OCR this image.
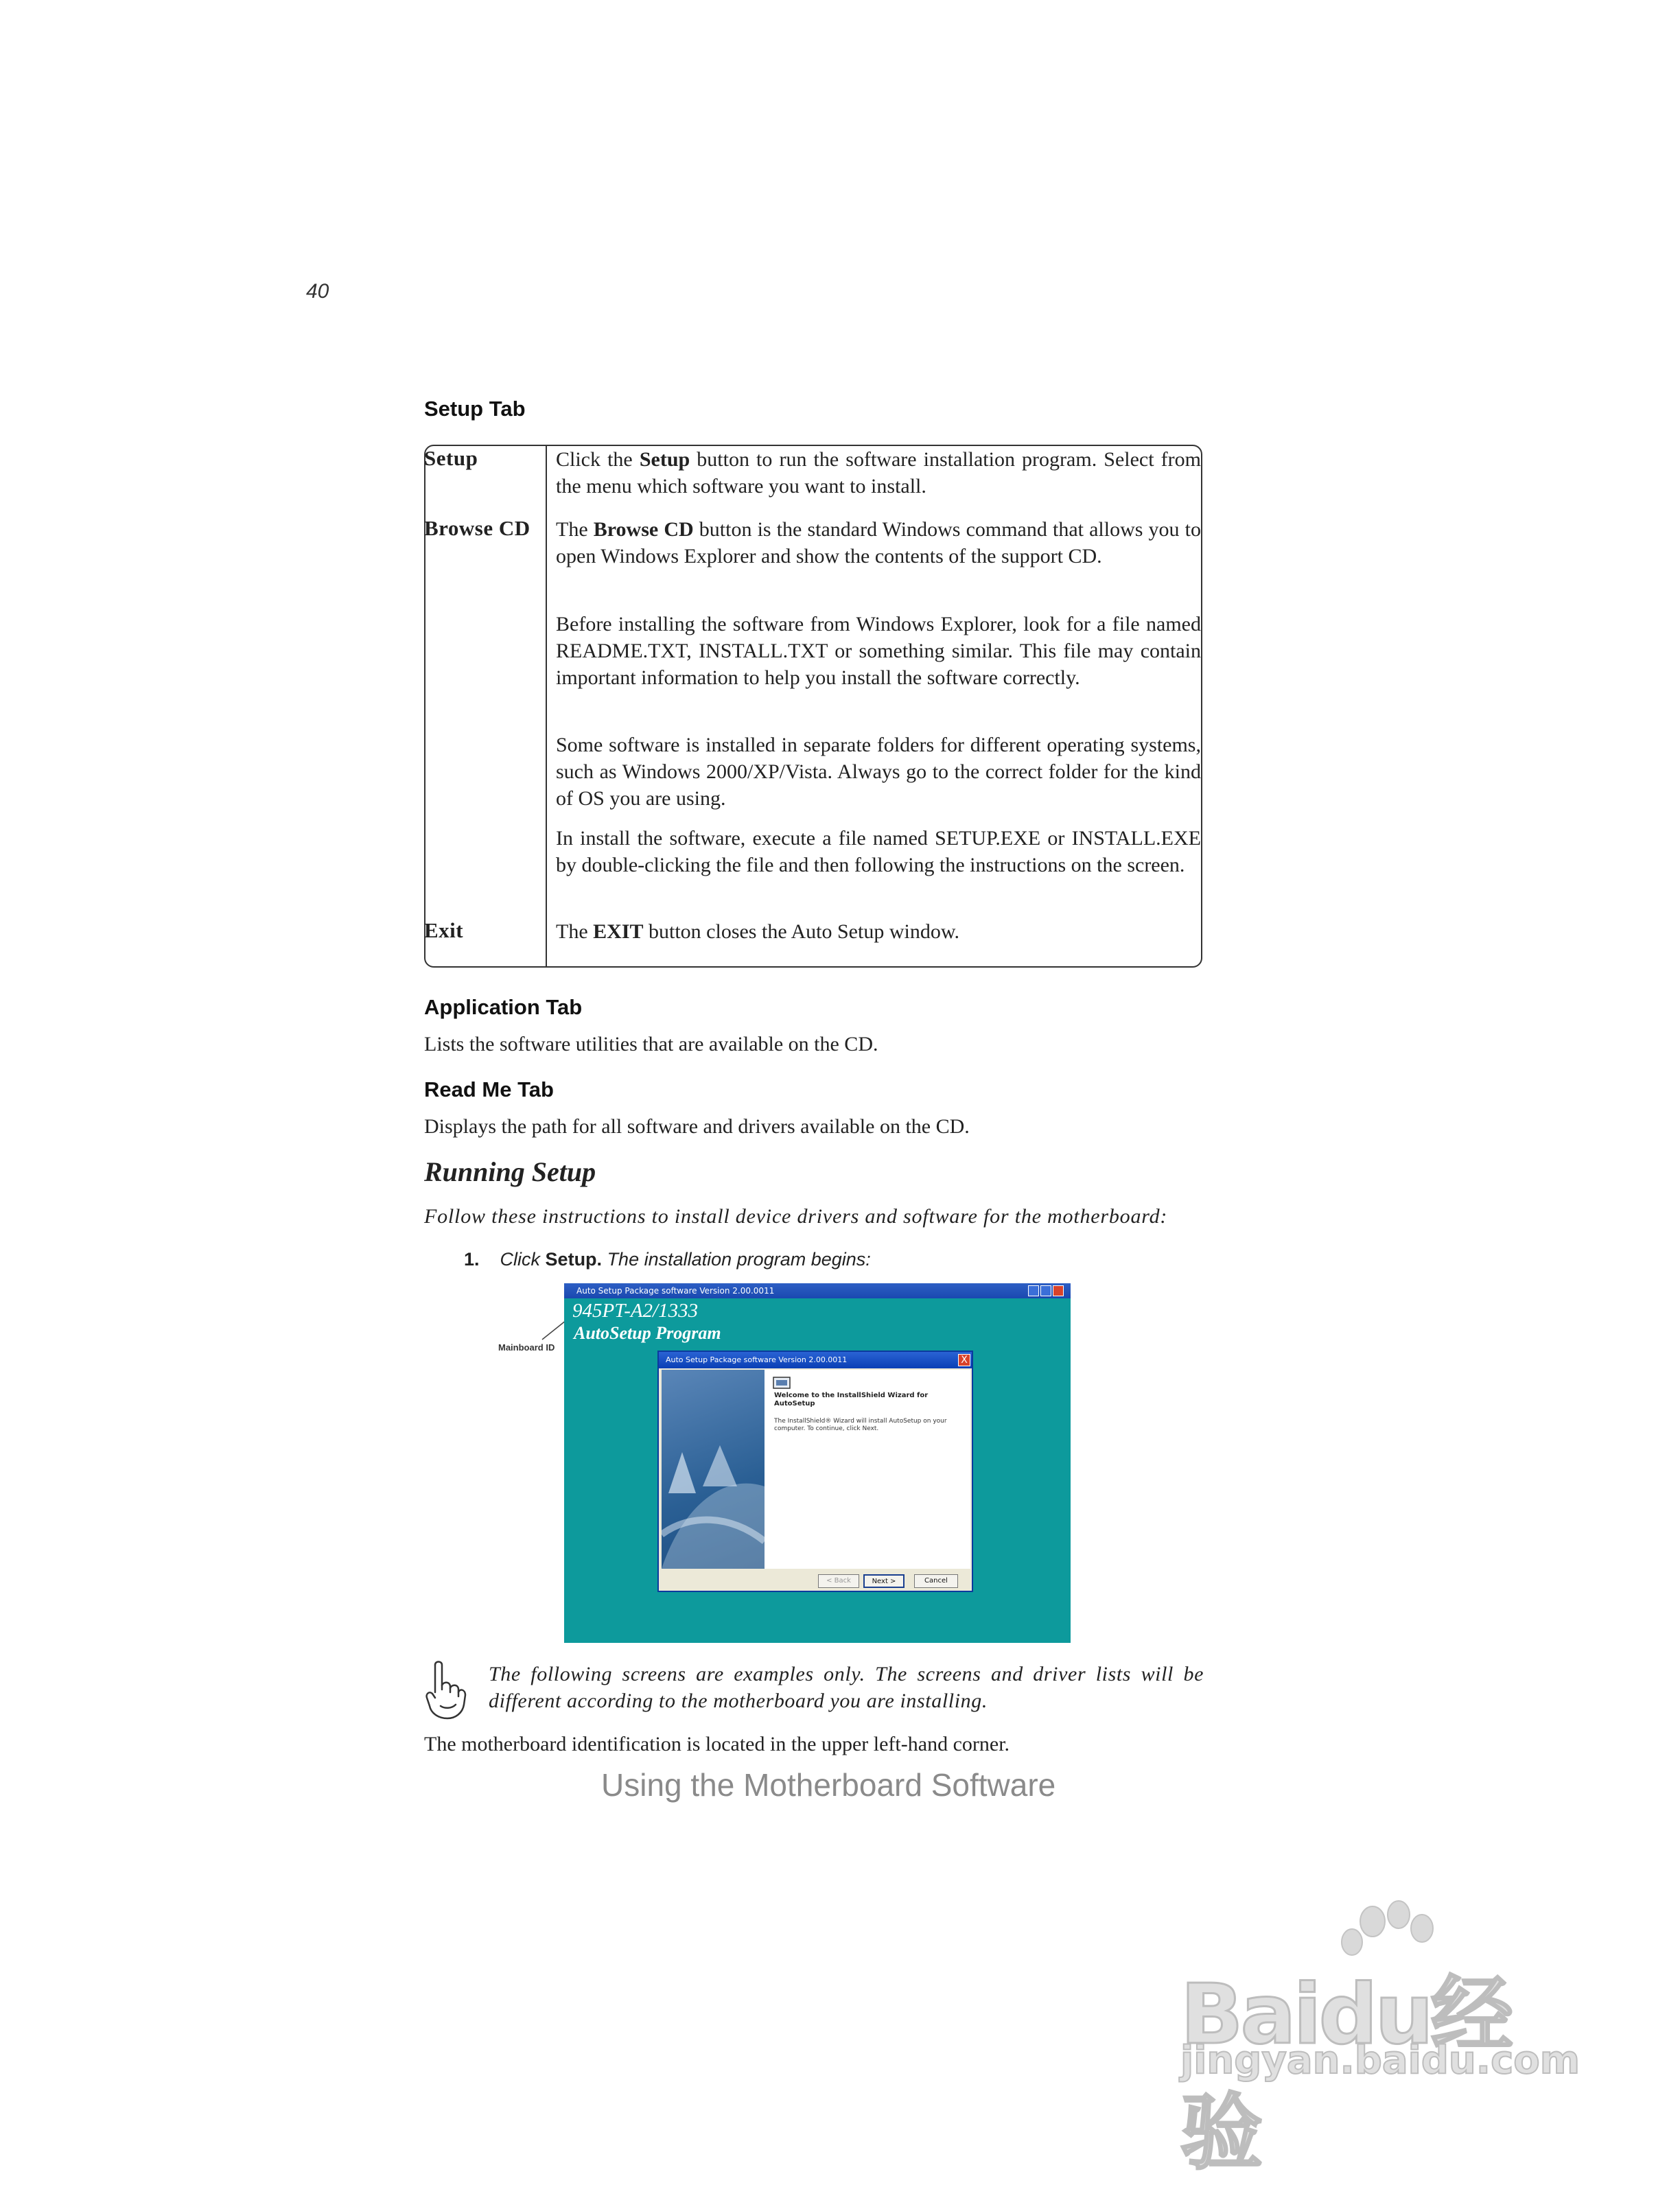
40
Setup Tab
Setup	Click the Setup button to run the software installation program. Select from the menu which software you want to install.
Browse CD The Browse CD button is the standard Windows command that allows you to open Windows Explorer and show the contents of the support CD.
Before installing the software from Windows Explorer, look for a file named README.TXT, INSTALL.TXT or something similar. This file may contain important information to help you install the software correctly.
Some software is installed in separate folders for different operating systems, such as Windows 2000/XP/Vista. Always go to the correct folder for the kind of OS you are using.
In install the software, execute a file named SETUP.EXE or INSTALL.EXE by double-clicking the file and then following the instructions on the screen.
Exit	The EXIT button closes the Auto Setup window.
Application Tab
Lists the software utilities that are available on the CD.
Read Me Tab
Displays the path for all software and drivers available on the CD.
Running Setup
Follow these instructions to install device drivers and software for the motherboard:
1. Click Setup. The installation program begins:
Mainboard ID
Auto Setup Package software Version 2.00.0011
945PT-A2/1333
AutoSetup Program
Auto Setup Package software Version 2.00.0011	X
Welcome to the InstallShield Wizard for AutoSetup
The InstallShield® Wizard will install AutoSetup on your computer. To continue, click Next.
< Back	Next >	Cancel
The following screens are examples only. The screens and driver lists will be different according to the motherboard you are installing.
The motherboard identification is located in the upper left-hand corner.
Using the Motherboard Software
Baidu经验
jingyan.baidu.com
